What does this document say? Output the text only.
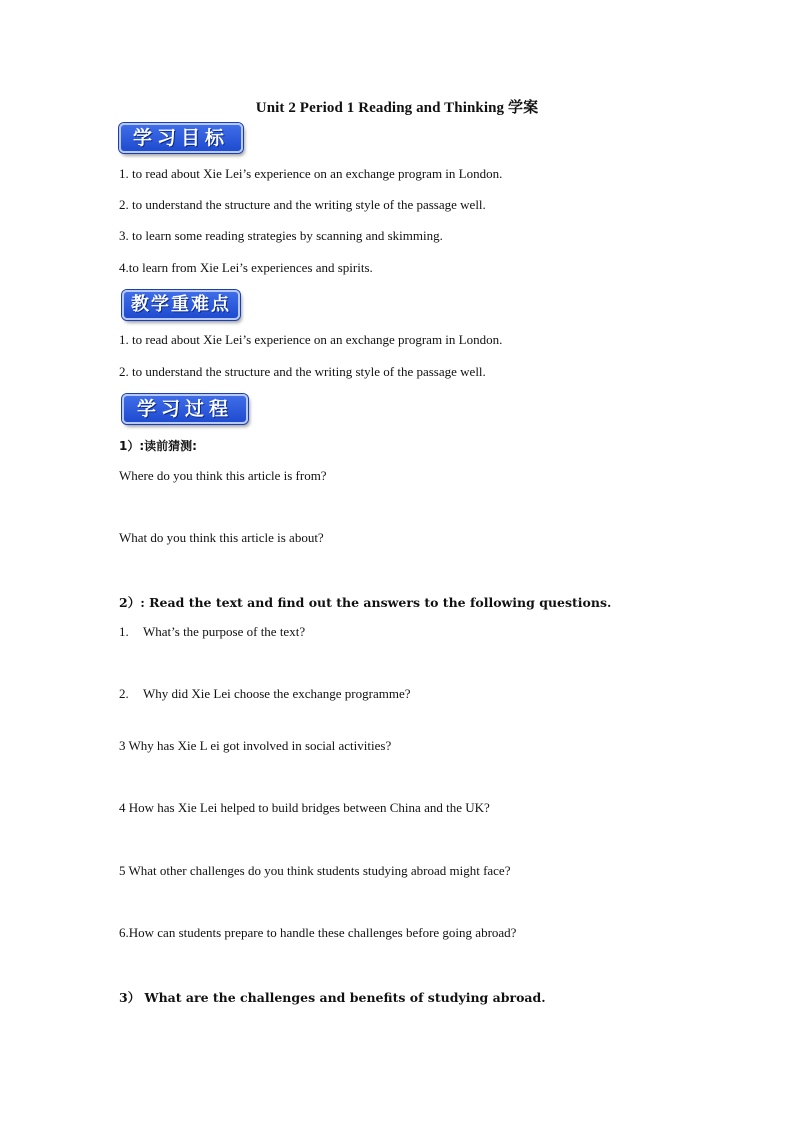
Unit 2 Period 1 Reading and Thinking 学案
学习目标
1. to read about Xie Lei’s experience on an exchange program in London.
2. to understand the structure and the writing style of the passage well.
3. to learn some reading strategies by scanning and skimming.
4.to learn from Xie Lei’s experiences and spirits.
教学重难点
1. to read about Xie Lei’s experience on an exchange program in London.
2. to understand the structure and the writing style of the passage well.
学习过程
1）:读前猜测:
Where do you think this article is from?
What do you think this article is about?
2）: Read the text and find out the answers to the following questions.
1. What’s the purpose of the text?
2. Why did Xie Lei choose the exchange programme?
3 Why has Xie L ei got involved in social activities?
4 How has Xie Lei helped to build bridges between China and the UK?
5 What other challenges do you think students studying abroad might face?
6.How can students prepare to handle these challenges before going abroad?
3） What are the challenges and benefits of studying abroad.
